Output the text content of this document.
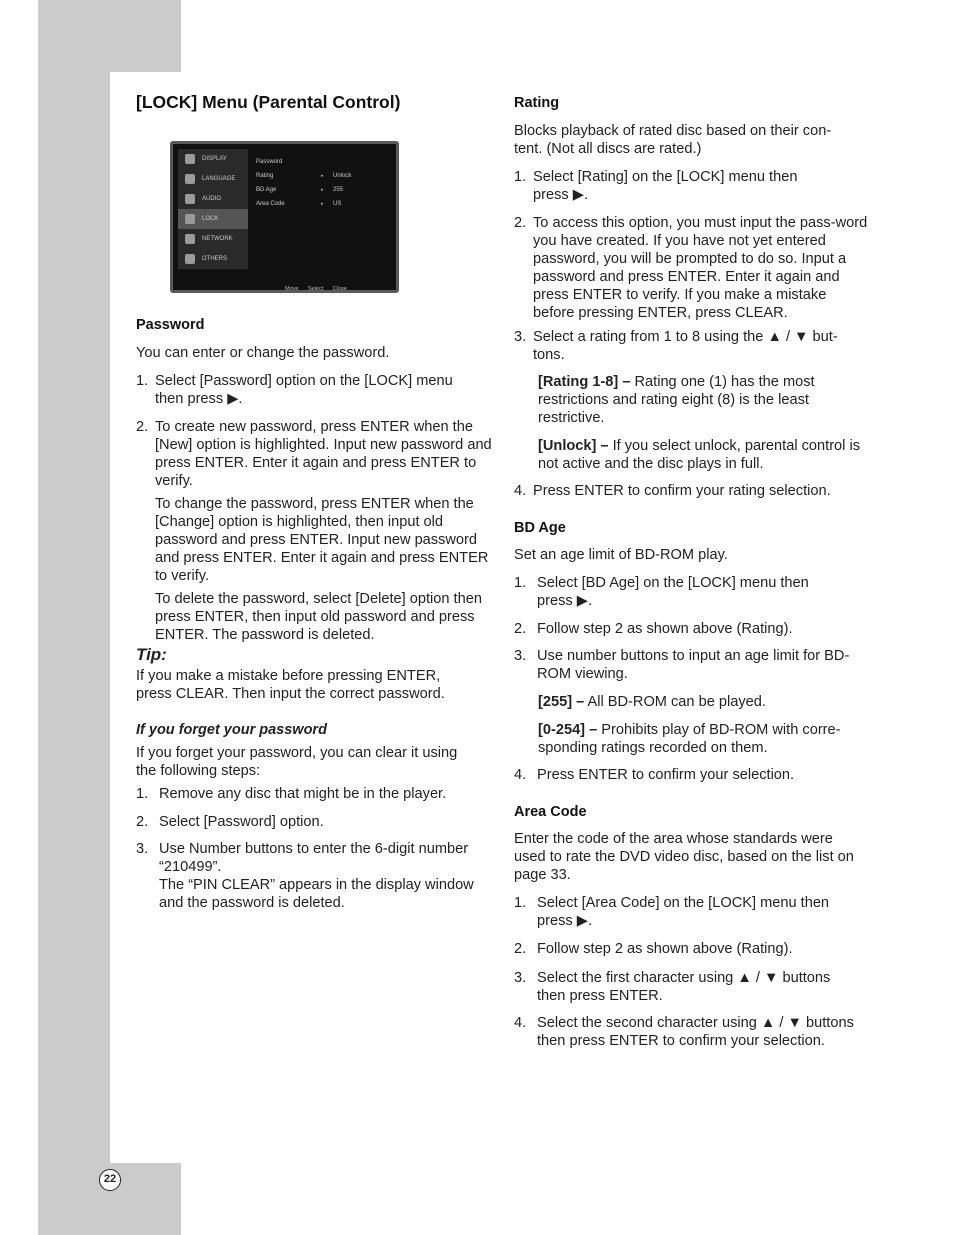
22
[LOCK] Menu (Parental Control)
DISPLAY
LANGUAGE
AUDIO
LOCK
NETWORK
OTHERS
Password
Rating	▸ Unlock
BD Age	▸ 255
Area Code	▸ US
Move Select Close
Password
You can enter or change the password.
1. Select [Password] option on the [LOCK] menu then press ▶.
2. To create new password, press ENTER when the [New] option is highlighted. Input new password and press ENTER. Enter it again and press ENTER to verify.
To change the password, press ENTER when the [Change] option is highlighted, then input old password and press ENTER. Input new password and press ENTER. Enter it again and press ENTER to verify.
To delete the password, select [Delete] option then press ENTER, then input old password and press ENTER. The password is deleted.
Tip:
If you make a mistake before pressing ENTER, press CLEAR. Then input the correct password.
If you forget your password
If you forget your password, you can clear it using the following steps:
1. Remove any disc that might be in the player.
2. Select [Password] option.
3. Use Number buttons to enter the 6-digit number “210499”.
The “PIN CLEAR” appears in the display window and the password is deleted.
Rating
Blocks playback of rated disc based on their con-tent. (Not all discs are rated.)
1. Select [Rating] on the [LOCK] menu then press ▶.
2. To access this option, you must input the pass-word you have created. If you have not yet entered password, you will be prompted to do so. Input a password and press ENTER. Enter it again and press ENTER to verify. If you make a mistake before pressing ENTER, press CLEAR.
3. Select a rating from 1 to 8 using the ▲ / ▼ but-tons.
[Rating 1-8] – Rating one (1) has the most restrictions and rating eight (8) is the least restrictive.
[Unlock] – If you select unlock, parental control is not active and the disc plays in full.
4. Press ENTER to confirm your rating selection.
BD Age
Set an age limit of BD-ROM play.
1. Select [BD Age] on the [LOCK] menu then press ▶.
2. Follow step 2 as shown above (Rating).
3. Use number buttons to input an age limit for BD-ROM viewing.
[255] – All BD-ROM can be played.
[0-254] – Prohibits play of BD-ROM with corre-sponding ratings recorded on them.
4. Press ENTER to confirm your selection.
Area Code
Enter the code of the area whose standards were used to rate the DVD video disc, based on the list on page 33.
1. Select [Area Code] on the [LOCK] menu then press ▶.
2. Follow step 2 as shown above (Rating).
3. Select the first character using ▲ / ▼ buttons then press ENTER.
4. Select the second character using ▲ / ▼ buttons then press ENTER to confirm your selection.
